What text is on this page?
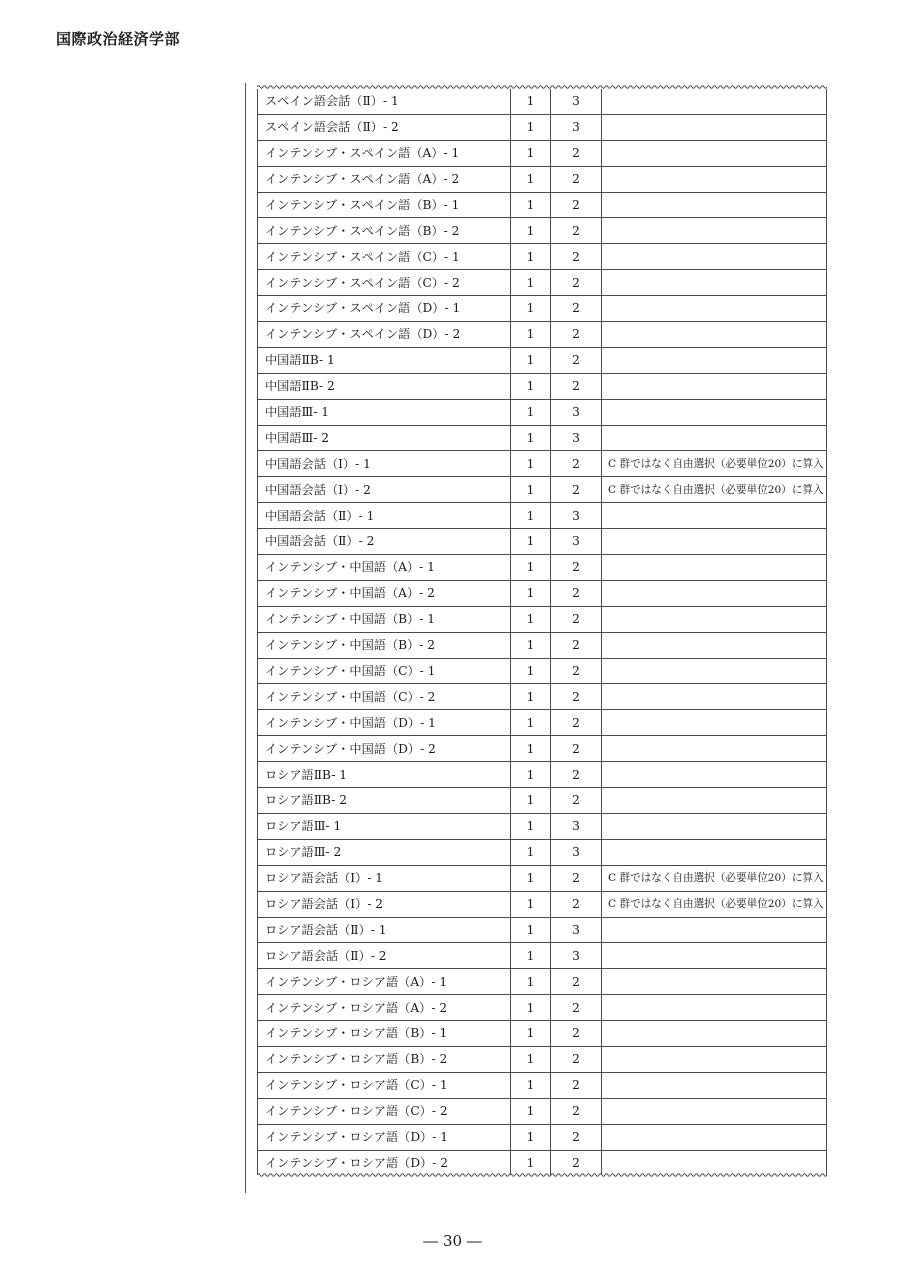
国際政治経済学部
スペイン語会話（Ⅱ）- 1	1	3	
スペイン語会話（Ⅱ）- 2	1	3	
インテンシブ・スペイン語（A）- 1	1	2	
インテンシブ・スペイン語（A）- 2	1	2	
インテンシブ・スペイン語（B）- 1	1	2	
インテンシブ・スペイン語（B）- 2	1	2	
インテンシブ・スペイン語（C）- 1	1	2	
インテンシブ・スペイン語（C）- 2	1	2	
インテンシブ・スペイン語（D）- 1	1	2	
インテンシブ・スペイン語（D）- 2	1	2	
中国語ⅡB- 1	1	2	
中国語ⅡB- 2	1	2	
中国語Ⅲ- 1	1	3	
中国語Ⅲ- 2	1	3	
中国語会話（Ⅰ）- 1	1	2	C 群ではなく自由選択（必要単位20）に算入
中国語会話（Ⅰ）- 2	1	2	C 群ではなく自由選択（必要単位20）に算入
中国語会話（Ⅱ）- 1	1	3	
中国語会話（Ⅱ）- 2	1	3	
インテンシブ・中国語（A）- 1	1	2	
インテンシブ・中国語（A）- 2	1	2	
インテンシブ・中国語（B）- 1	1	2	
インテンシブ・中国語（B）- 2	1	2	
インテンシブ・中国語（C）- 1	1	2	
インテンシブ・中国語（C）- 2	1	2	
インテンシブ・中国語（D）- 1	1	2	
インテンシブ・中国語（D）- 2	1	2	
ロシア語ⅡB- 1	1	2	
ロシア語ⅡB- 2	1	2	
ロシア語Ⅲ- 1	1	3	
ロシア語Ⅲ- 2	1	3	
ロシア語会話（Ⅰ）- 1	1	2	C 群ではなく自由選択（必要単位20）に算入
ロシア語会話（Ⅰ）- 2	1	2	C 群ではなく自由選択（必要単位20）に算入
ロシア語会話（Ⅱ）- 1	1	3	
ロシア語会話（Ⅱ）- 2	1	3	
インテンシブ・ロシア語（A）- 1	1	2	
インテンシブ・ロシア語（A）- 2	1	2	
インテンシブ・ロシア語（B）- 1	1	2	
インテンシブ・ロシア語（B）- 2	1	2	
インテンシブ・ロシア語（C）- 1	1	2	
インテンシブ・ロシア語（C）- 2	1	2	
インテンシブ・ロシア語（D）- 1	1	2	
インテンシブ・ロシア語（D）- 2	1	2	
― 30 ―
